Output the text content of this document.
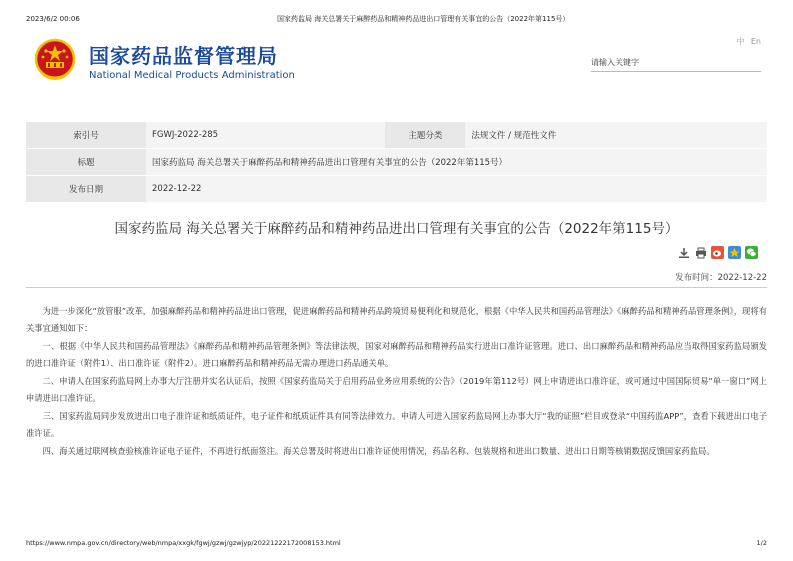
2023/6/2 00:06	国家药监局 海关总署关于麻醉药品和精神药品进出口管理有关事宜的公告（2022年第115号）
国家药品监督管理局
National Medical Products Administration
中 En
请输入关键字
索引号	FGWJ-2022-285	主题分类	法规文件 / 规范性文件
标题	国家药监局 海关总署关于麻醉药品和精神药品进出口管理有关事宜的公告（2022年第115号）		
发布日期	2022-12-22		
国家药监局 海关总署关于麻醉药品和精神药品进出口管理有关事宜的公告（2022年第115号）
发布时间：2022-12-22

为进一步深化“放管服”改革，加强麻醉药品和精神药品进出口管理，促进麻醉药品和精神药品跨境贸易便利化和规范化，根据《中华人民共和国药品管理法》《麻醉药品和精神药品管理条例》，现将有关事宜通知如下：

一、根据《中华人民共和国药品管理法》《麻醉药品和精神药品管理条例》等法律法规，国家对麻醉药品和精神药品实行进出口准许证管理。进口、出口麻醉药品和精神药品应当取得国家药监局颁发的进口准许证（附件1）、出口准许证（附件2）。进口麻醉药品和精神药品无需办理进口药品通关单。

二、申请人在国家药监局网上办事大厅注册并实名认证后，按照《国家药监局关于启用药品业务应用系统的公告》（2019年第112号）网上申请进出口准许证，或可通过中国国际贸易“单一窗口”网上申请进出口准许证。

三、国家药监局同步发放进出口电子准许证和纸质证件，电子证件和纸质证件具有同等法律效力。申请人可进入国家药监局网上办事大厅“我的证照”栏目或登录“中国药监APP”，查看下载进出口电子准许证。

四、海关通过联网核查验核准许证电子证件，不再进行纸面签注。海关总署及时将进出口准许证使用情况，药品名称、包装规格和进出口数量、进出口日期等核销数据反馈国家药监局。

https://www.nmpa.gov.cn/directory/web/nmpa/xxgk/fgwj/gzwj/gzwjyp/20221222172008153.html	1/2
